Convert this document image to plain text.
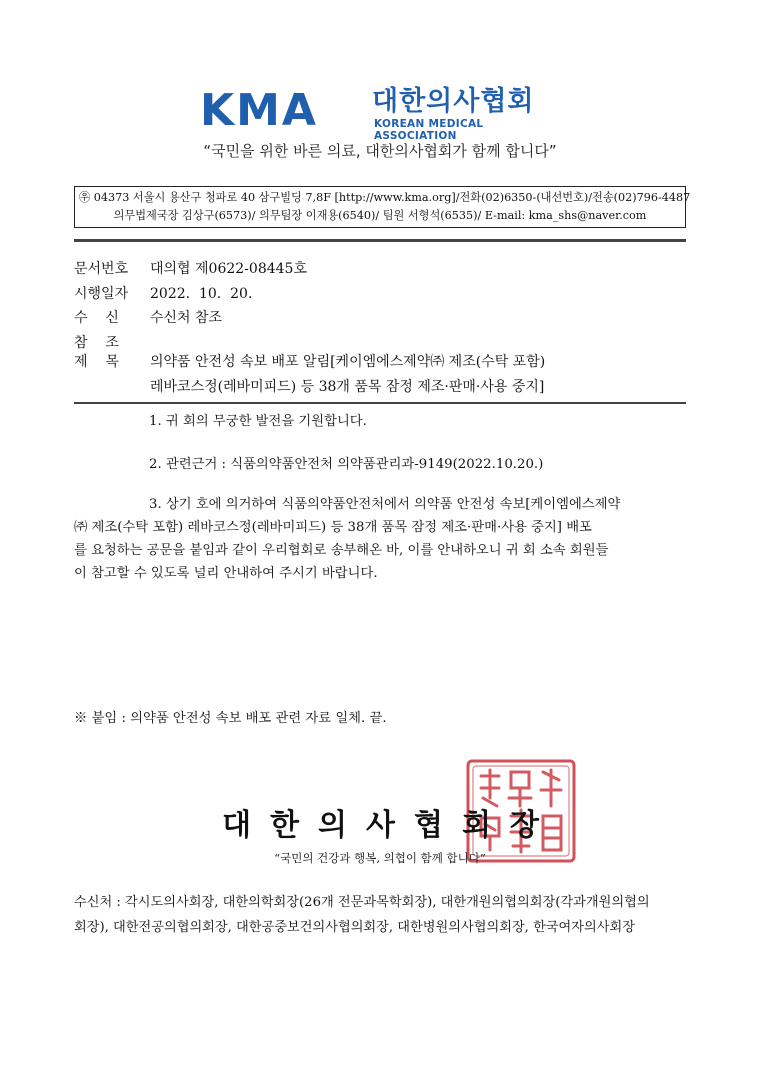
KMA 대한의사협회
KOREAN MEDICAL ASSOCIATION
“국민을 위한 바른 의료, 대한의사협회가 함께 합니다”
㉾ 04373 서울시 용산구 청파로 40 삼구빌딩 7,8F [http://www.kma.org]/전화(02)6350-(내선번호)/전송(02)796-4487
의무법제국장 김상구(6573)/ 의무팀장 이재용(6540)/ 팀원 서형석(6535)/ E-mail: kma_shs@naver.com
문서번호 대의협 제0622-08445호
시행일자 2022.  10.  20.
수    신 수신처 참조
참    조
제    목 의약품 안전성 속보 배포 알림[케이엠에스제약㈜ 제조(수탁 포함)
레바코스정(레바미피드) 등 38개 품목 잠정 제조·판매·사용 중지]
1. 귀 회의 무궁한 발전을 기원합니다.
2. 관련근거 : 식품의약품안전처 의약품관리과-9149(2022.10.20.)
3. 상기 호에 의거하여 식품의약품안전처에서 의약품 안전성 속보[케이엠에스제약
㈜ 제조(수탁 포함) 레바코스정(레바미피드) 등 38개 품목 잠정 제조·판매·사용 중지] 배포
를 요청하는 공문을 붙임과 같이 우리협회로 송부해온 바, 이를 안내하오니 귀 회 소속 회원들
이 참고할 수 있도록 널리 안내하여 주시기 바랍니다.
※ 붙임 : 의약품 안전성 속보 배포 관련 자료 일체. 끝.
대한의사협회장
“국민의 건강과 행복, 의협이 함께 합니다”
수신처 : 각시도의사회장, 대한의학회장(26개 전문과목학회장), 대한개원의협의회장(각과개원의협의
회장), 대한전공의협의회장, 대한공중보건의사협의회장, 대한병원의사협의회장, 한국여자의사회장
